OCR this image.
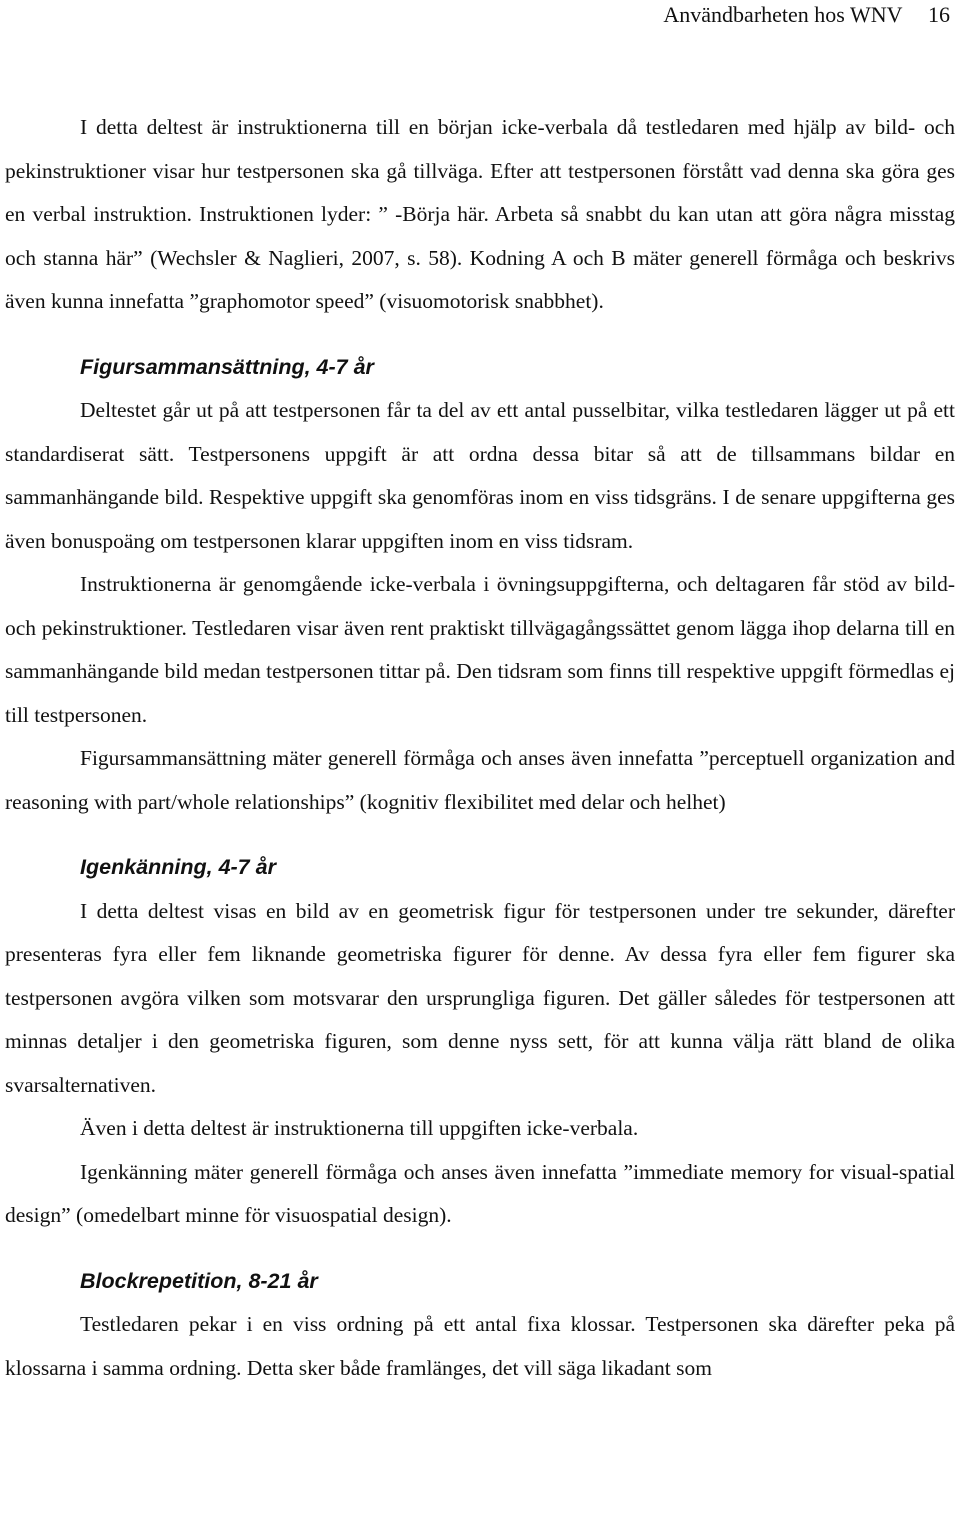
Användbarheten hos WNV 16

I detta deltest är instruktionerna till en början icke-verbala då testledaren med hjälp av bild- och pekinstruktioner visar hur testpersonen ska gå tillväga. Efter att testpersonen förstått vad denna ska göra ges en verbal instruktion. Instruktionen lyder: ” -Börja här. Arbeta så snabbt du kan utan att göra några misstag och stanna här” (Wechsler & Naglieri, 2007, s. 58). Kodning A och B mäter generell förmåga och beskrivs även kunna innefatta ”graphomotor speed” (visuomotorisk snabbhet).

Figursammansättning, 4-7 år

Deltestet går ut på att testpersonen får ta del av ett antal pusselbitar, vilka testledaren lägger ut på ett standardiserat sätt. Testpersonens uppgift är att ordna dessa bitar så att de tillsammans bildar en sammanhängande bild. Respektive uppgift ska genomföras inom en viss tidsgräns. I de senare uppgifterna ges även bonuspoäng om testpersonen klarar uppgiften inom en viss tidsram.

Instruktionerna är genomgående icke-verbala i övningsuppgifterna, och deltagaren får stöd av bild- och pekinstruktioner. Testledaren visar även rent praktiskt tillvägagångssättet genom lägga ihop delarna till en sammanhängande bild medan testpersonen tittar på. Den tidsram som finns till respektive uppgift förmedlas ej till testpersonen.

Figursammansättning mäter generell förmåga och anses även innefatta ”perceptuell organization and reasoning with part/whole relationships” (kognitiv flexibilitet med delar och helhet)

Igenkänning, 4-7 år

I detta deltest visas en bild av en geometrisk figur för testpersonen under tre sekunder, därefter presenteras fyra eller fem liknande geometriska figurer för denne. Av dessa fyra eller fem figurer ska testpersonen avgöra vilken som motsvarar den ursprungliga figuren. Det gäller således för testpersonen att minnas detaljer i den geometriska figuren, som denne nyss sett, för att kunna välja rätt bland de olika svarsalternativen.

Även i detta deltest är instruktionerna till uppgiften icke-verbala.

Igenkänning mäter generell förmåga och anses även innefatta ”immediate memory for visual-spatial design” (omedelbart minne för visuospatial design).

Blockrepetition, 8-21 år

Testledaren pekar i en viss ordning på ett antal fixa klossar. Testpersonen ska därefter peka på klossarna i samma ordning. Detta sker både framlänges, det vill säga likadant som
